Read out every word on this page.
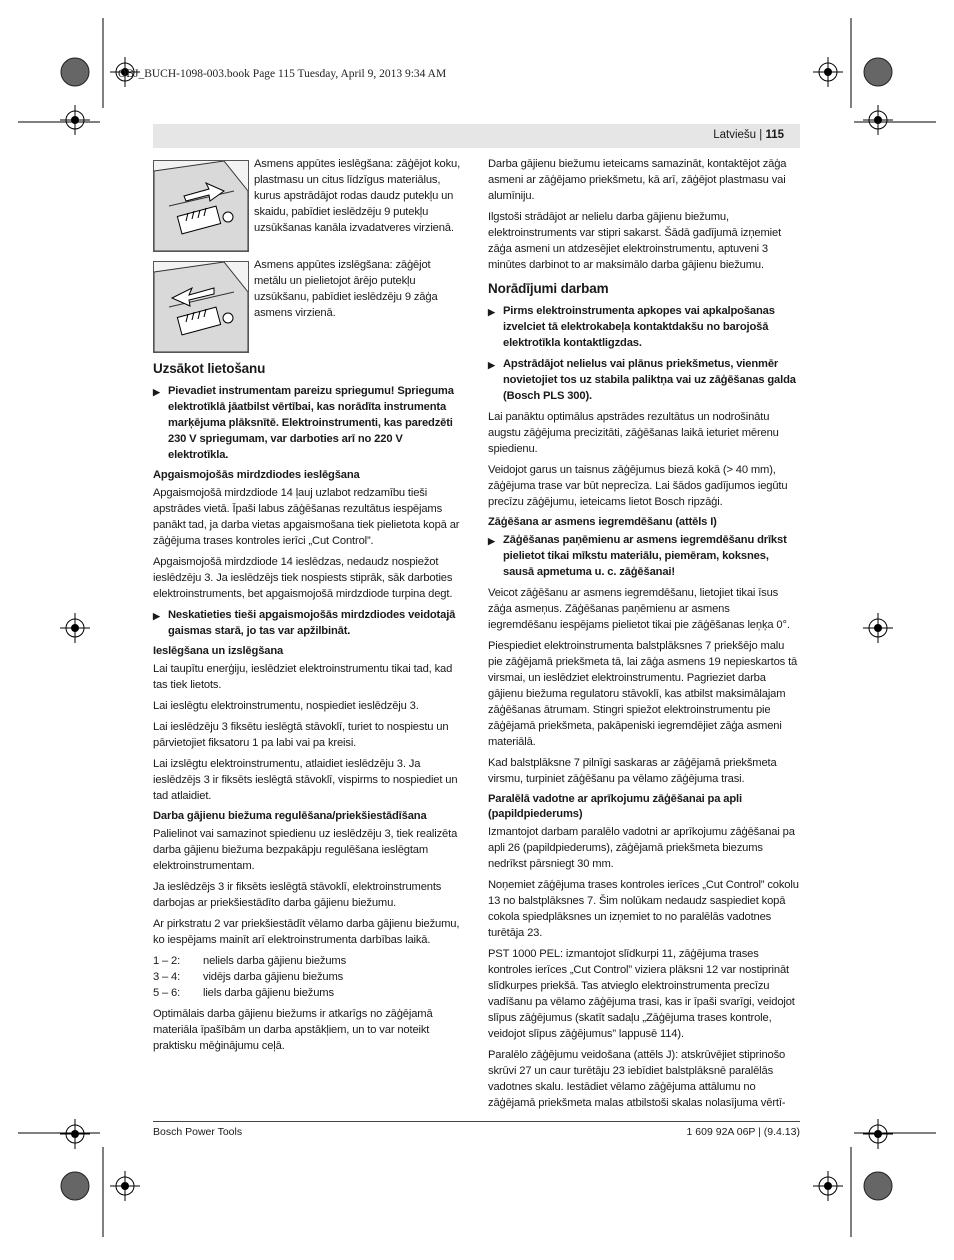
OBJ_BUCH-1098-003.book Page 115 Tuesday, April 9, 2013 9:34 AM
Latviešu | 115
Asmens appūtes ieslēgšana: zāģējot koku, plastmasu un citus līdzīgus materiālus, kurus apstrādājot rodas daudz putekļu un skaidu, pabīdiet ieslēdzēju 9 putekļu uzsūkšanas kanāla izvadatveres virzienā.
Asmens appūtes izslēgšana: zāģējot metālu un pielietojot ārējo putekļu uzsūkšanu, pabīdiet ieslēdzēju 9 zāģa asmens virzienā.
Uzsākot lietošanu
▶ Pievadiet instrumentam pareizu spriegumu! Sprieguma elektrotīklā jāatbilst vērtībai, kas norādīta instrumenta marķējuma plāksnītē. Elektroinstrumenti, kas paredzēti 230 V spriegumam, var darboties arī no 220 V elektrotīkla.
Apgaismojošās mirdzdiodes ieslēgšana

Apgaismojošā mirdzdiode 14 ļauj uzlabot redzamību tieši apstrādes vietā. Īpaši labus zāģēšanas rezultātus iespējams panākt tad, ja darba vietas apgaismošana tiek pielietota kopā ar zāģējuma trases kontroles ierīci „Cut Control”.

Apgaismojošā mirdzdiode 14 ieslēdzas, nedaudz nospiežot ieslēdzēju 3. Ja ieslēdzējs tiek nospiests stiprāk, sāk darboties elektroinstruments, bet apgaismojošā mirdzdiode turpina degt.

▶ Neskatieties tieši apgaismojošās mirdzdiodes veidotajā gaismas starā, jo tas var apžilbināt.
Ieslēgšana un izslēgšana

Lai taupītu enerģiju, ieslēdziet elektroinstrumentu tikai tad, kad tas tiek lietots.

Lai ieslēgtu elektroinstrumentu, nospiediet ieslēdzēju 3.

Lai ieslēdzēju 3 fiksētu ieslēgtā stāvoklī, turiet to nospiestu un pārvietojiet fiksatoru 1 pa labi vai pa kreisi.

Lai izslēgtu elektroinstrumentu, atlaidiet ieslēdzēju 3. Ja ieslēdzējs 3 ir fiksēts ieslēgtā stāvoklī, vispirms to nospiediet un tad atlaidiet.

Darba gājienu biežuma regulēšana/priekšiestādīšana

Palielinot vai samazinot spiedienu uz ieslēdzēju 3, tiek realizēta darba gājienu biežuma bezpakāpju regulēšana ieslēgtam elektroinstrumentam.

Ja ieslēdzējs 3 ir fiksēts ieslēgtā stāvoklī, elektroinstruments darbojas ar priekšiestādīto darba gājienu biežumu.

Ar pirkstratu 2 var priekšiestādīt vēlamo darba gājienu biežumu, ko iespējams mainīt arī elektroinstrumenta darbības laikā.

1 – 2:	neliels darba gājienu biežums
3 – 4:	vidējs darba gājienu biežums
5 – 6:	liels darba gājienu biežums

Optimālais darba gājienu biežums ir atkarīgs no zāģējamā materiāla īpašībām un darba apstākļiem, un to var noteikt praktisku mēģinājumu ceļā.

Darba gājienu biežumu ieteicams samazināt, kontaktējot zāģa asmeni ar zāģējamo priekšmetu, kā arī, zāģējot plastmasu vai alumīniju.

Ilgstoši strādājot ar nelielu darba gājienu biežumu, elektroinstruments var stipri sakarst. Šādā gadījumā izņemiet zāģa asmeni un atdzesējiet elektroinstrumentu, aptuveni 3 minūtes darbinot to ar maksimālo darba gājienu biežumu.

Norādījumi darbam
▶ Pirms elektroinstrumenta apkopes vai apkalpošanas izvelciet tā elektrokabeļa kontaktdakšu no barojošā elektrotīkla kontaktligzdas.
▶ Apstrādājot nelielus vai plānus priekšmetus, vienmēr novietojiet tos uz stabila paliktņa vai uz zāģēšanas galda (Bosch PLS 300).

Lai panāktu optimālus apstrādes rezultātus un nodrošinātu augstu zāģējuma precizitāti, zāģēšanas laikā ieturiet mērenu spiedienu.

Veidojot garus un taisnus zāģējumus biezā kokā (> 40 mm), zāģējuma trase var būt neprecīza. Lai šādos gadījumos iegūtu precīzu zāģējumu, ieteicams lietot Bosch ripzāģi.

Zāģēšana ar asmens iegremdēšanu (attēls I)
▶ Zāģēšanas paņēmienu ar asmens iegremdēšanu drīkst pielietot tikai mīkstu materiālu, piemēram, koksnes, sausā apmetuma u. c. zāģēšanai!

Veicot zāģēšanu ar asmens iegremdēšanu, lietojiet tikai īsus zāģa asmeņus. Zāģēšanas paņēmienu ar asmens iegremdēšanu iespējams pielietot tikai pie zāģēšanas leņķa 0°.

Piespiediet elektroinstrumenta balstplāksnes 7 priekšējo malu pie zāģējamā priekšmeta tā, lai zāģa asmens 19 nepieskartos tā virsmai, un ieslēdziet elektroinstrumentu. Pagrieziet darba gājienu biežuma regulatoru stāvoklī, kas atbilst maksimālajam zāģēšanas ātrumam. Stingri spiežot elektroinstrumentu pie zāģējamā priekšmeta, pakāpeniski iegremdējiet zāģa asmeni materiālā.

Kad balstplāksne 7 pilnīgi saskaras ar zāģējamā priekšmeta virsmu, turpiniet zāģēšanu pa vēlamo zāģējuma trasi.

Paralēlā vadotne ar aprīkojumu zāģēšanai pa apli (papildpiederums)

Izmantojot darbam paralēlo vadotni ar aprīkojumu zāģēšanai pa apli 26 (papildpiederums), zāģējamā priekšmeta biezums nedrīkst pārsniegt 30 mm.

Noņemiet zāģējuma trases kontroles ierīces „Cut Control” cokolu 13 no balstplāksnes 7. Šim nolūkam nedaudz saspiediet kopā cokola spiedplāksnes un izņemiet to no paralēlās vadotnes turētāja 23.

PST 1000 PEL: izmantojot slīdkurpi 11, zāģējuma trases kontroles ierīces „Cut Control” viziera plāksni 12 var nostiprināt slīdkurpes priekšā. Tas atvieglo elektroinstrumenta precīzu vadīšanu pa vēlamo zāģējuma trasi, kas ir īpaši svarīgi, veidojot slīpus zāģējumus (skatīt sadaļu „Zāģējuma trases kontrole, veidojot slīpus zāģējumus” lappusē 114).

Paralēlo zāģējumu veidošana (attēls J): atskrūvējiet stiprinošo skrūvi 27 un caur turētāju 23 iebīdiet balstplāksnē paralēlās vadotnes skalu. Iestādiet vēlamo zāģējuma attālumu no zāģējamā priekšmeta malas atbilstoši skalas nolasījuma vērtī-

Bosch Power Tools	1 609 92A 06P | (9.4.13)
